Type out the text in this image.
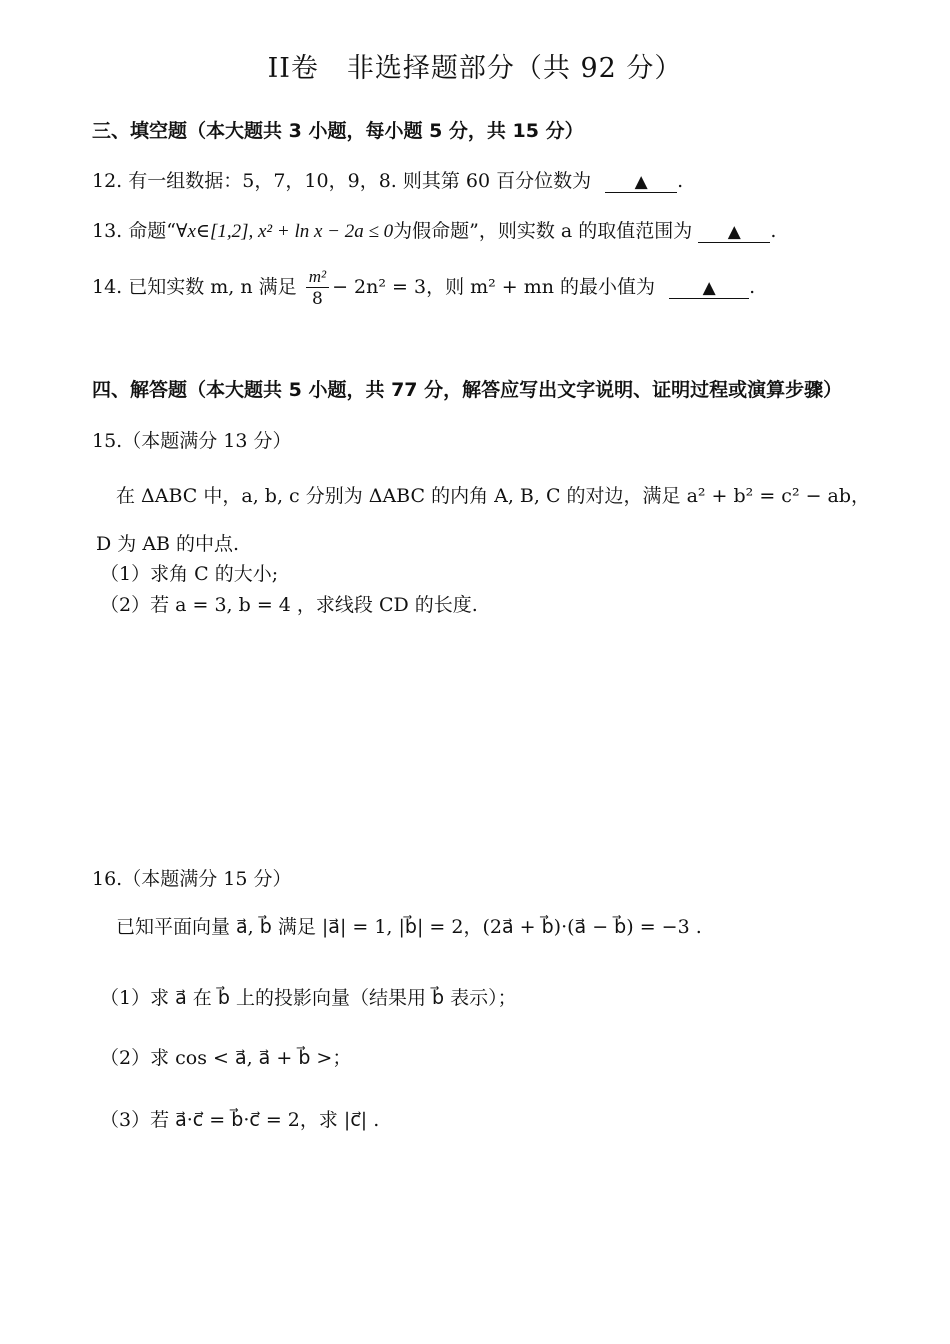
II卷　非选择题部分（共 92 分）
三、填空题（本大题共 3 小题，每小题 5 分，共 15 分）
12. 有一组数据：5，7，10，9，8. 则其第 60 百分位数为	▲ .
13. 命题“∀x∈[1,2], x² + ln x − 2a ≤ 0为假命题”，则实数 a 的取值范围为 ▲ .
14. 已知实数 m, n 满足 $\frac{\text{m²}}{8} - 2n^2 = 3$，则 m² + mn 的最小值为	▲ .
四、解答题（本大题共 5 小题，共 77 分，解答应写出文字说明、证明过程或演算步骤）
15.（本题满分 13 分）
在 ΔABC 中，a, b, c 分别为 ΔABC 的内角 A, B, C 的对边，满足 a² + b² = c² − ab，
D 为 AB 的中点.
（1）求角 C 的大小;
（2）若 a = 3, b = 4 ，求线段 CD 的长度.
16.（本题满分 15 分）
已知平面向量 a⃗, b⃗ 满足 |a⃗| = 1, |b⃗| = 2，(2a⃗ + b⃗)·(a⃗ − b⃗) = −3 .
（1）求 a⃗ 在 b⃗ 上的投影向量（结果用 b⃗ 表示）；
（2）求 cos < a⃗, a⃗ + b⃗ >；
（3）若 a⃗·c⃗ = b⃗·c⃗ = 2，求 |c⃗| .
